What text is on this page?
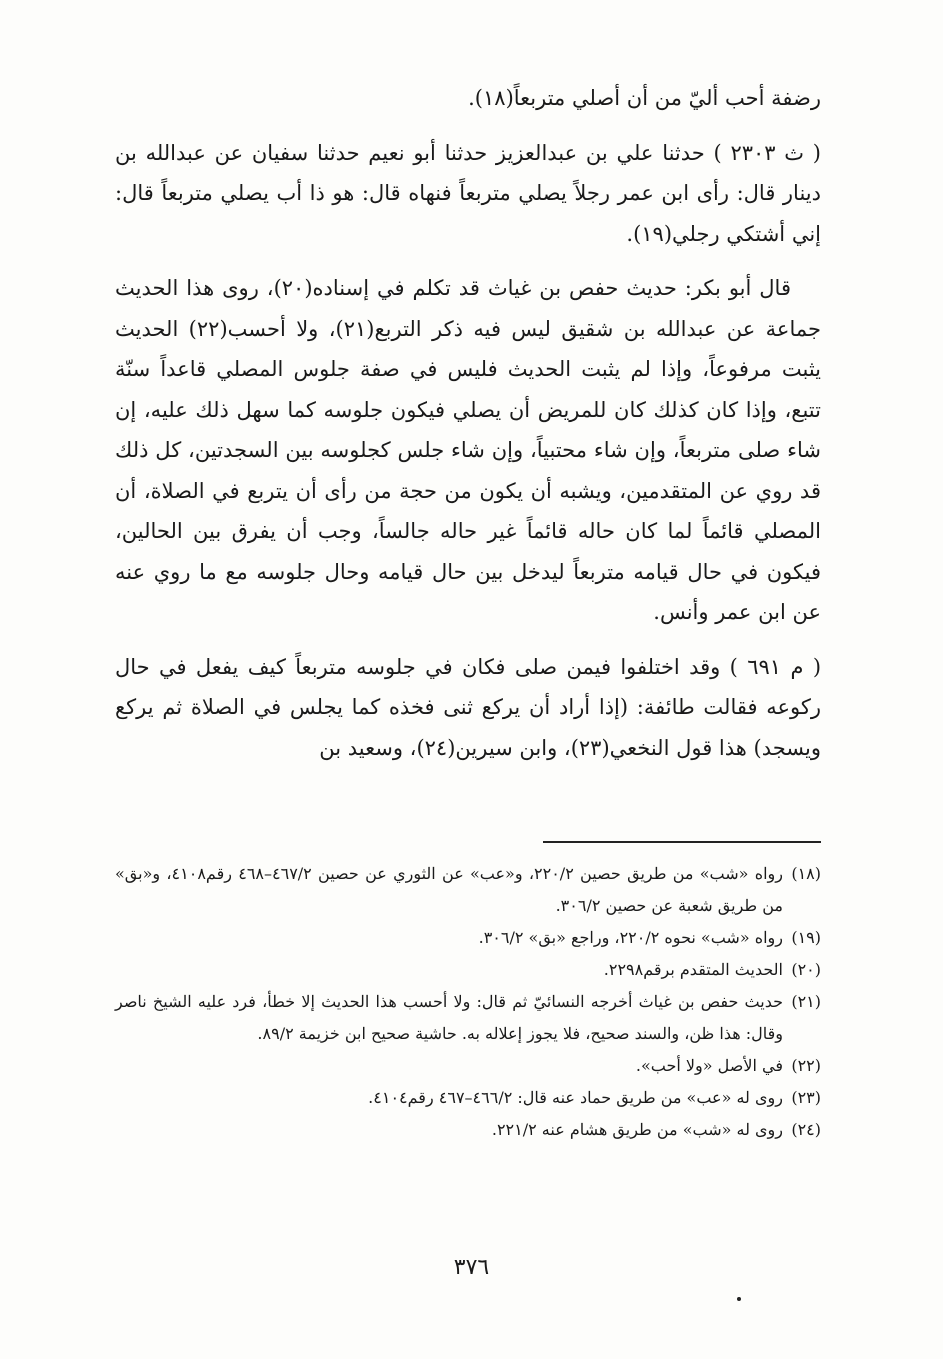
رضفة أحب أليّ من أن أصلي متربعاً(١٨).

( ث ٢٣٠٣ ) حدثنا علي بن عبدالعزيز حدثنا أبو نعيم حدثنا سفيان عن عبدالله بن دينار قال: رأى ابن عمر رجلاً يصلي متربعاً فنهاه قال: هو ذا أب يصلي متربعاً قال: إني أشتكي رجلي(١٩).

قال أبو بكر: حديث حفص بن غياث قد تكلم في إسناده(٢٠)، روى هذا الحديث جماعة عن عبدالله بن شقيق ليس فيه ذكر التربع(٢١)، ولا أحسب(٢٢) الحديث يثبت مرفوعاً، وإذا لم يثبت الحديث فليس في صفة جلوس المصلي قاعداً سنّة تتبع، وإذا كان كذلك كان للمريض أن يصلي فيكون جلوسه كما سهل ذلك عليه، إن شاء صلى متربعاً، وإن شاء محتبياً، وإن شاء جلس كجلوسه بين السجدتين، كل ذلك قد روي عن المتقدمين، ويشبه أن يكون من حجة من رأى أن يتربع في الصلاة، أن المصلي قائماً لما كان حاله قائماً غير حاله جالساً، وجب أن يفرق بين الحالين، فيكون في حال قيامه متربعاً ليدخل بين حال قيامه وحال جلوسه مع ما روي عنه عن ابن عمر وأنس.

( م ٦٩١ ) وقد اختلفوا فيمن صلى فكان في جلوسه متربعاً كيف يفعل في حال ركوعه فقالت طائفة: (إذا أراد أن يركع ثنى فخذه كما يجلس في الصلاة ثم يركع ويسجد) هذا قول النخعي(٢٣)، وابن سيرين(٢٤)، وسعيد بن

(١٨)
رواه «شب» من طريق حصين ٢٢٠/٢، و«عب» عن الثوري عن حصين ٤٦٧/٢–٤٦٨ رقم٤١٠٨، و«بق» من طريق شعبة عن حصين ٣٠٦/٢.
(١٩)
رواه «شب» نحوه ٢٢٠/٢، وراجع «بق» ٣٠٦/٢.
(٢٠)
الحديث المتقدم برقم٢٢٩٨.
(٢١)
حديث حفص بن غياث أخرجه النسائيّ ثم قال: ولا أحسب هذا الحديث إلا خطأ، فرد عليه الشيخ ناصر وقال: هذا ظن، والسند صحيح، فلا يجوز إعلاله به. حاشية صحيح ابن خزيمة ٨٩/٢.
(٢٢)
في الأصل «ولا أحب».
(٢٣)
روى له «عب» من طريق حماد عنه قال: ٤٦٦/٢–٤٦٧ رقم٤١٠٤.
(٢٤)
روى له «شب» من طريق هشام عنه ٢٢١/٢.
٣٧٦
